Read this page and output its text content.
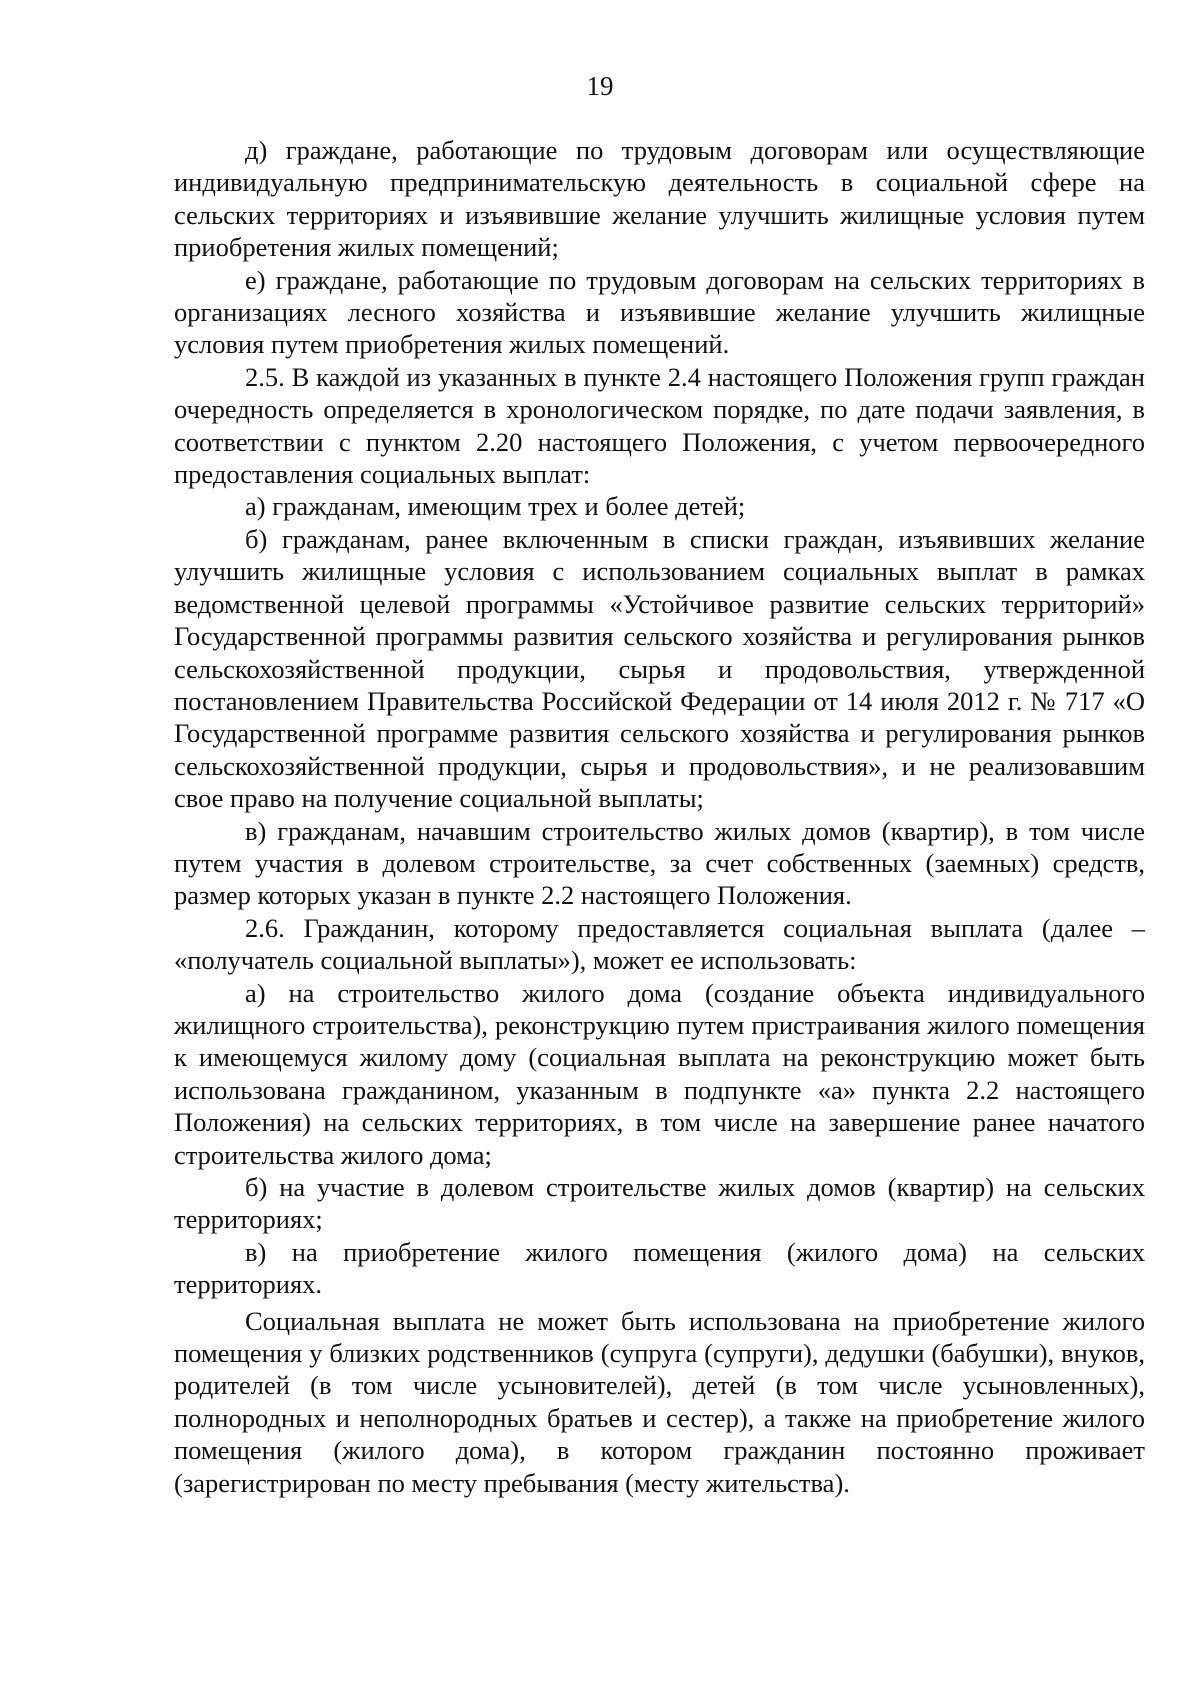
19

д) граждане, работающие по трудовым договорам или осуществляющие индивидуальную предпринимательскую деятельность в социальной сфере на сельских территориях и изъявившие желание улучшить жилищные условия путем приобретения жилых помещений;

е) граждане, работающие по трудовым договорам на сельских территориях в организациях лесного хозяйства и изъявившие желание улучшить жилищные условия путем приобретения жилых помещений.

2.5. В каждой из указанных в пункте 2.4 настоящего Положения групп граждан очередность определяется в хронологическом порядке, по дате подачи заявления, в соответствии с пунктом 2.20 настоящего Положения, с учетом первоочередного предоставления социальных выплат:

а) гражданам, имеющим трех и более детей;

б) гражданам, ранее включенным в списки граждан, изъявивших желание улучшить жилищные условия с использованием социальных выплат в рамках ведомственной целевой программы «Устойчивое развитие сельских территорий» Государственной программы развития сельского хозяйства и регулирования рынков сельскохозяйственной продукции, сырья и продовольствия, утвержденной постановлением Правительства Российской Федерации от 14 июля 2012 г. № 717 «О Государственной программе развития сельского хозяйства и регулирования рынков сельскохозяйственной продукции, сырья и продовольствия», и не реализовавшим свое право на получение социальной выплаты;

в) гражданам, начавшим строительство жилых домов (квартир), в том числе путем участия в долевом строительстве, за счет собственных (заемных) средств, размер которых указан в пункте 2.2 настоящего Положения.

2.6. Гражданин, которому предоставляется социальная выплата (далее – «получатель социальной выплаты»), может ее использовать:

а) на строительство жилого дома (создание объекта индивидуального жилищного строительства), реконструкцию путем пристраивания жилого помещения к имеющемуся жилому дому (социальная выплата на реконструкцию может быть использована гражданином, указанным в подпункте «а» пункта 2.2 настоящего Положения) на сельских территориях, в том числе на завершение ранее начатого строительства жилого дома;

б) на участие в долевом строительстве жилых домов (квартир) на сельских территориях;

в) на приобретение жилого помещения (жилого дома) на сельских территориях.

Социальная выплата не может быть использована на приобретение жилого помещения у близких родственников (супруга (супруги), дедушки (бабушки), внуков, родителей (в том числе усыновителей), детей (в том числе усыновленных), полнородных и неполнородных братьев и сестер), а также на приобретение жилого помещения (жилого дома), в котором гражданин постоянно проживает (зарегистрирован по месту пребывания (месту жительства).
